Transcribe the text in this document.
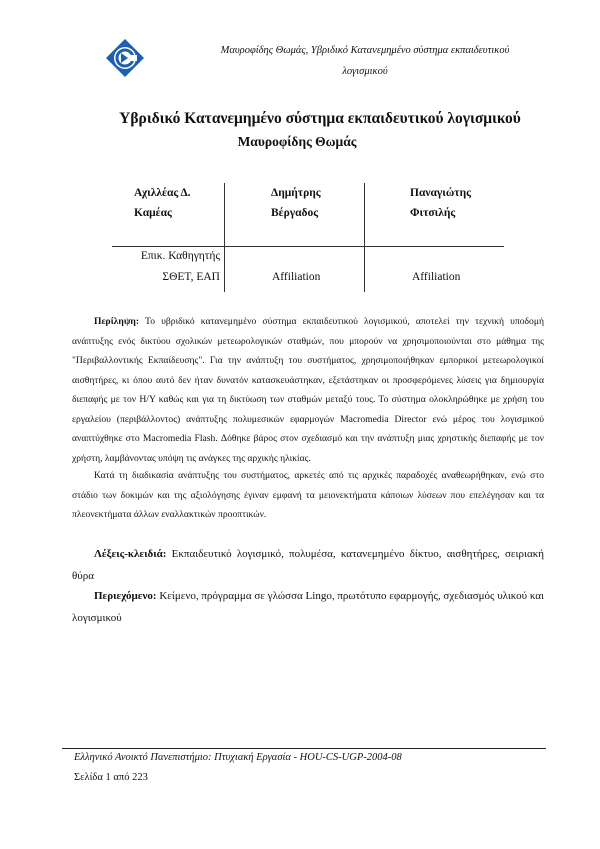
Μαυροφίδης Θωμάς, Υβριδικό Κατανεμημένο σύστημα εκπαιδευτικού
λογισμικού
Υβριδικό Κατανεμημένο σύστημα εκπαιδευτικού λογισμικού
Μαυροφίδης Θωμάς
Αχιλλέας Δ.
Καμέας
Δημήτρης
Βέργαδος
Παναγιώτης
Φιτσιλής
Επικ. Καθηγητής
ΣΘΕΤ, ΕΑΠ	Affiliation	Affiliation
Περίληψη: Το υβριδικό κατανεμημένο σύστημα εκπαιδευτικού λογισμικού, αποτελεί την τεχνική υποδομή ανάπτυξης ενός δικτύου σχολικών μετεωρολογικών σταθμών, που μπορούν να χρησιμοποιούνται στο μάθημα της "Περιβαλλοντικής Εκπαίδευσης". Για την ανάπτυξη του συστήματος, χρησιμοποιήθηκαν εμπορικοί μετεωρολογικοί αισθητήρες, κι όπου αυτό δεν ήταν δυνατόν κατασκευάστηκαν, εξετάστηκαν οι προσφερόμενες λύσεις για δημιουργία διεπαφής με τον Η/Υ καθώς και για τη δικτύωση των σταθμών μεταξύ τους. Το σύστημα ολοκληρώθηκε με χρήση του εργαλείου (περιβάλλοντος) ανάπτυξης πολυμεσικών εφαρμογών Macromedia Director ενώ μέρος του λογισμικού αναπτύχθηκε στο Macromedia Flash. Δόθηκε βάρος στον σχεδιασμό και την ανάπτυξη μιας χρηστικής διεπαφής με τον χρήστη, λαμβάνοντας υπόψη τις ανάγκες της αρχικής ηλικίας.
Κατά τη διαδικασία ανάπτυξης του συστήματος, αρκετές από τις αρχικές παραδοχές αναθεωρήθηκαν, ενώ στο στάδιο των δοκιμών και της αξιολόγησης έγιναν εμφανή τα μειονεκτήματα κάποιων λύσεων που επελέγησαν και τα πλεονεκτήματα άλλων εναλλακτικών προοπτικών.
Λέξεις-κλειδιά: Εκπαιδευτικό λογισμικό, πολυμέσα, κατανεμημένο δίκτυο, αισθητήρες, σειριακή θύρα
Περιεχόμενο: Κείμενο, πρόγραμμα σε γλώσσα Lingo, πρωτότυπο εφαρμογής, σχεδιασμός υλικού και λογισμικού
Ελληνικό Ανοικτό Πανεπιστήμιο: Πτυχιακή Εργασία - HOU-CS-UGP-2004-08
Σελίδα 1 από 223
